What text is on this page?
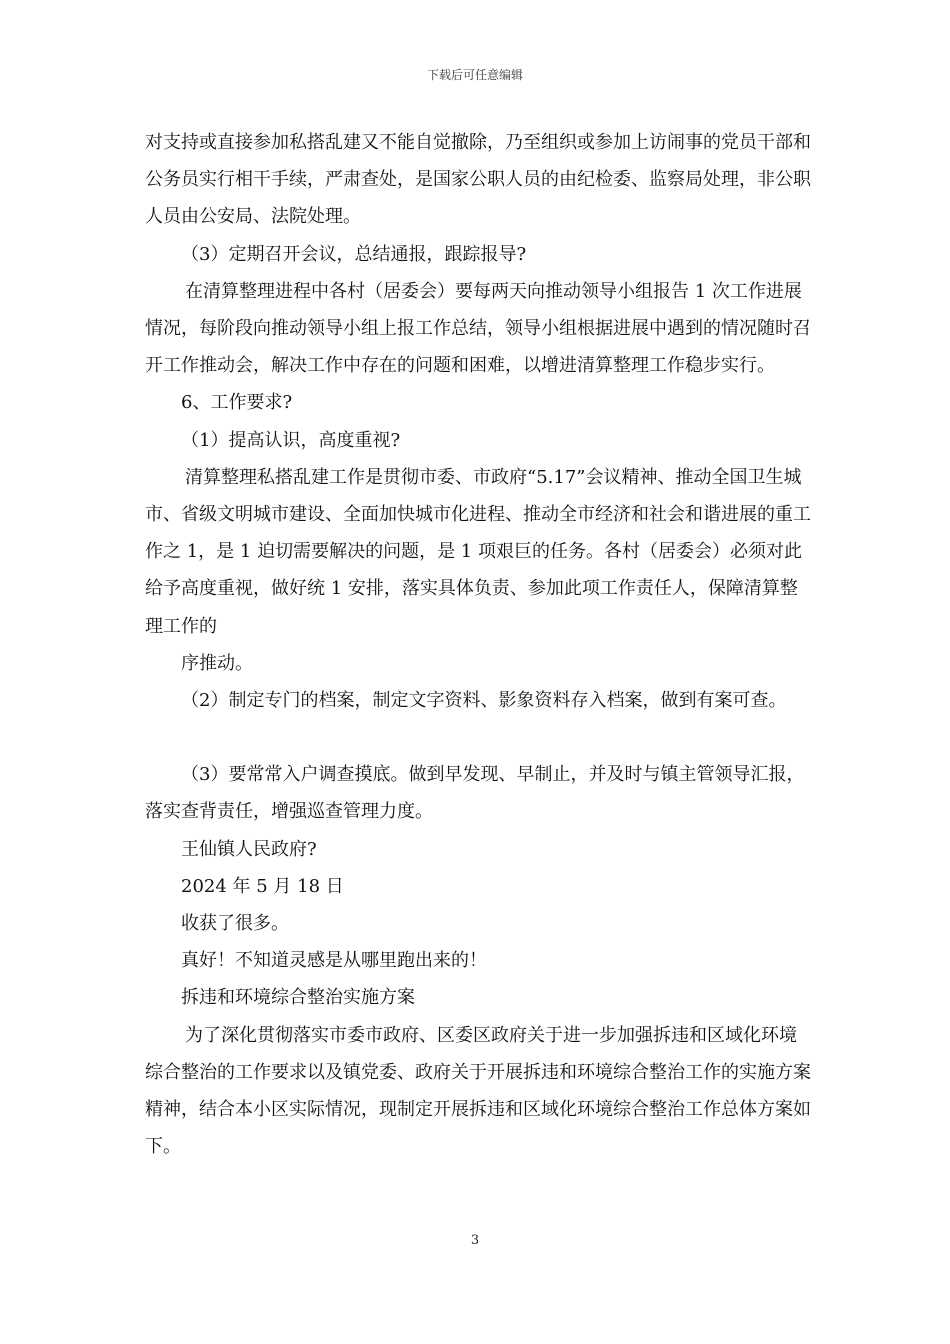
下载后可任意编辑

对支持或直接参加私搭乱建又不能自觉撤除，乃至组织或参加上访闹事的党员干部和公务员实行相干手续，严肃查处，是国家公职人员的由纪检委、监察局处理，非公职人员由公安局、法院处理。

（3）定期召开会议，总结通报，跟踪报导?

在清算整理进程中各村（居委会）要每两天向推动领导小组报告 1 次工作进展情况，每阶段向推动领导小组上报工作总结，领导小组根据进展中遇到的情况随时召开工作推动会，解决工作中存在的问题和困难，以增进清算整理工作稳步实行。

6、工作要求?

（1）提高认识，高度重视?

清算整理私搭乱建工作是贯彻市委、市政府“5.17”会议精神、推动全国卫生城市、省级文明城市建设、全面加快城市化进程、推动全市经济和社会和谐进展的重工作之 1，是 1 迫切需要解决的问题，是 1 项艰巨的任务。各村（居委会）必须对此给予高度重视，做好统 1 安排，落实具体负责、参加此项工作责任人，保障清算整理工作的

序推动。

（2）制定专门的档案，制定文字资料、影象资料存入档案，做到有案可查。

（3）要常常入户调查摸底。做到早发现、早制止，并及时与镇主管领导汇报，落实查背责任，增强巡查管理力度。

王仙镇人民政府?

2024 年 5 月 18 日

收获了很多。

真好！不知道灵感是从哪里跑出来的！

拆违和环境综合整治实施方案

为了深化贯彻落实市委市政府、区委区政府关于进一步加强拆违和区域化环境综合整治的工作要求以及镇党委、政府关于开展拆违和环境综合整治工作的实施方案精神，结合本小区实际情况，现制定开展拆违和区域化环境综合整治工作总体方案如下。

3
